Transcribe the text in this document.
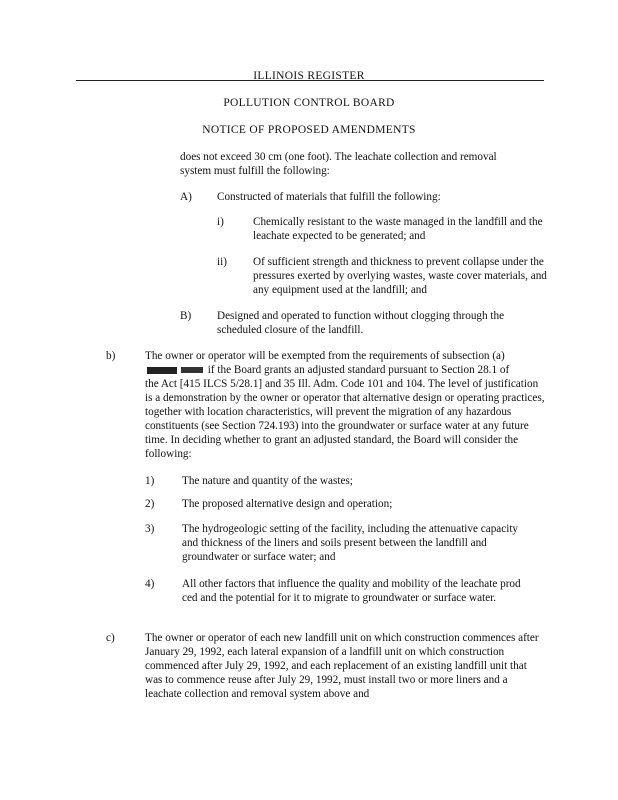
ILLINOIS REGISTER
POLLUTION CONTROL BOARD
NOTICE OF PROPOSED AMENDMENTS
does not exceed 30 cm (one foot). The leachate collection and removal system must fulfill the following:
A) Constructed of materials that fulfill the following:
i)	Chemically resistant to the waste managed in the landfill and the leachate expected to be generated; and
ii) Of sufficient strength and thickness to prevent collapse under the pressures exerted by overlying wastes, waste cover materials, and any equipment used at the landfill; and
B) Designed and operated to function without clogging through the scheduled closure of the landfill.
b)	The owner or operator will be exempted from the requirements of subsection (a)
if the Board grants an adjusted standard pursuant to Section 28.1 of
the Act [415 ILCS 5/28.1] and 35 Ill. Adm. Code 101 and 104. The level of justification is a demonstration by the owner or operator that alternative design or operating practices, together with location characteristics, will prevent the migration of any hazardous constituents (see Section 724.193) into the groundwater or surface water at any future time. In deciding whether to grant an adjusted standard, the Board will consider the following:
1) The nature and quantity of the wastes;
2) The proposed alternative design and operation;
3) The hydrogeologic setting of the facility, including the attenuative capacity and thickness of the liners and soils present between the landfill and groundwater or surface water; and
4) All other factors that influence the quality and mobility of the leachate prod ced and the potential for it to migrate to groundwater or surface water.
c)	The owner or operator of each new landfill unit on which construction commences after January 29, 1992, each lateral expansion of a landfill unit on which construction commenced after July 29, 1992, and each replacement of an existing landfill unit that was to commence reuse after July 29, 1992, must install two or more liners and a leachate collection and removal system above and
